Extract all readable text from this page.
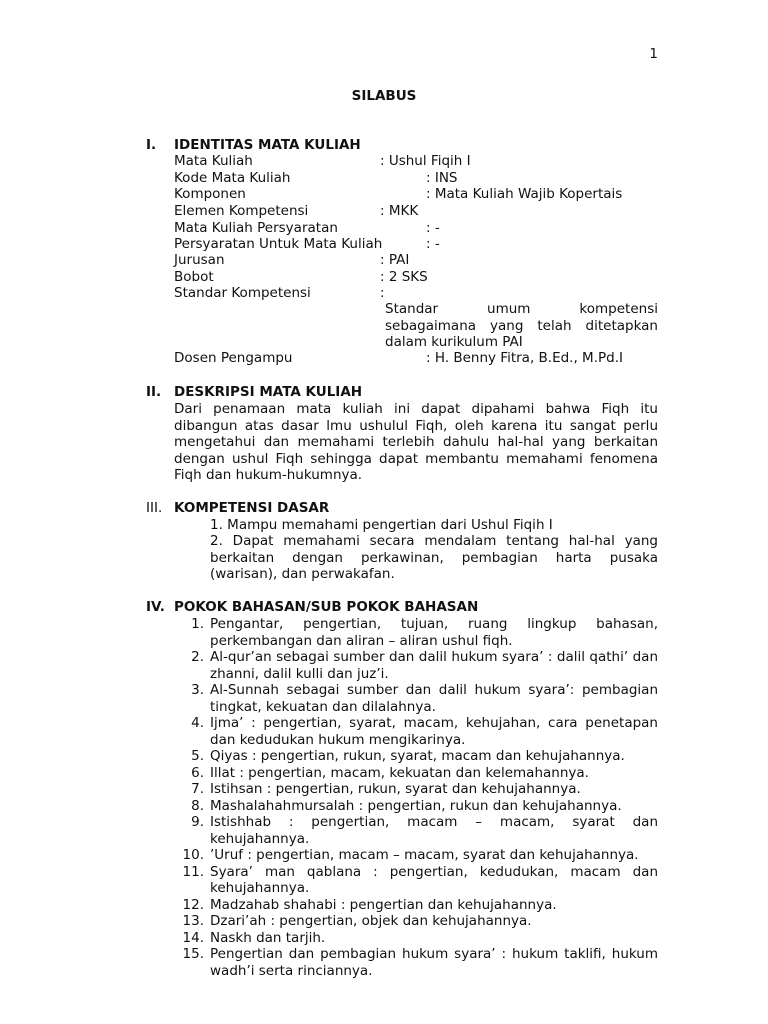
1
SILABUS
I. IDENTITAS MATA KULIAH
Mata Kuliah	: Ushul Fiqih I
Kode Mata Kuliah	: INS
Komponen	: Mata Kuliah Wajib Kopertais
Elemen Kompetensi	: MKK
Mata Kuliah Persyaratan	: -
Persyaratan Untuk Mata Kuliah	: -
Jurusan	: PAI
Bobot	: 2 SKS
Standar Kompetensi	:
Standar umum kompetensi
sebagaimana yang telah ditetapkan
dalam kurikulum PAI
Dosen Pengampu	: H. Benny Fitra, B.Ed., M.Pd.I
II. DESKRIPSI MATA KULIAH

Dari penamaan mata kuliah ini dapat dipahami bahwa Fiqh itu dibangun atas dasar lmu ushulul Fiqh, oleh karena itu sangat perlu mengetahui dan memahami terlebih dahulu hal-hal yang berkaitan dengan ushul Fiqh sehingga dapat membantu memahami fenomena Fiqh dan hukum-hukumnya.

III. KOMPETENSI DASAR
1. Mampu memahami pengertian dari Ushul Fiqih I
2. Dapat memahami secara mendalam tentang hal-hal yang
berkaitan dengan perkawinan, pembagian harta pusaka
(warisan), dan perwakafan.
IV. POKOK BAHASAN/SUB POKOK BAHASAN
1. Pengantar, pengertian, tujuan, ruang lingkup bahasan, perkembangan dan aliran – aliran ushul fiqh.
2. Al-qur’an sebagai sumber dan dalil hukum syara’ : dalil qathi’ dan zhanni, dalil kulli dan juz’i.
3. Al-Sunnah sebagai sumber dan dalil hukum syara’: pembagian tingkat, kekuatan dan dilalahnya.
4. Ijma’ : pengertian, syarat, macam, kehujahan, cara penetapan dan kedudukan hukum mengikarinya.
5. Qiyas : pengertian, rukun, syarat, macam dan kehujahannya.
6. Illat : pengertian, macam, kekuatan dan kelemahannya.
7. Istihsan : pengertian, rukun, syarat dan kehujahannya.
8. Mashalahahmursalah : pengertian, rukun dan kehujahannya.
9. Istishhab : pengertian, macam – macam, syarat dan kehujahannya.
10. ’Uruf : pengertian, macam – macam, syarat dan kehujahannya.
11. Syara’ man qablana : pengertian, kedudukan, macam dan kehujahannya.
12. Madzahab shahabi : pengertian dan kehujahannya.
13. Dzari’ah : pengertian, objek dan kehujahannya.
14. Naskh dan tarjih.
15. Pengertian dan pembagian hukum syara’ : hukum taklifi, hukum wadh’i serta rinciannya.
